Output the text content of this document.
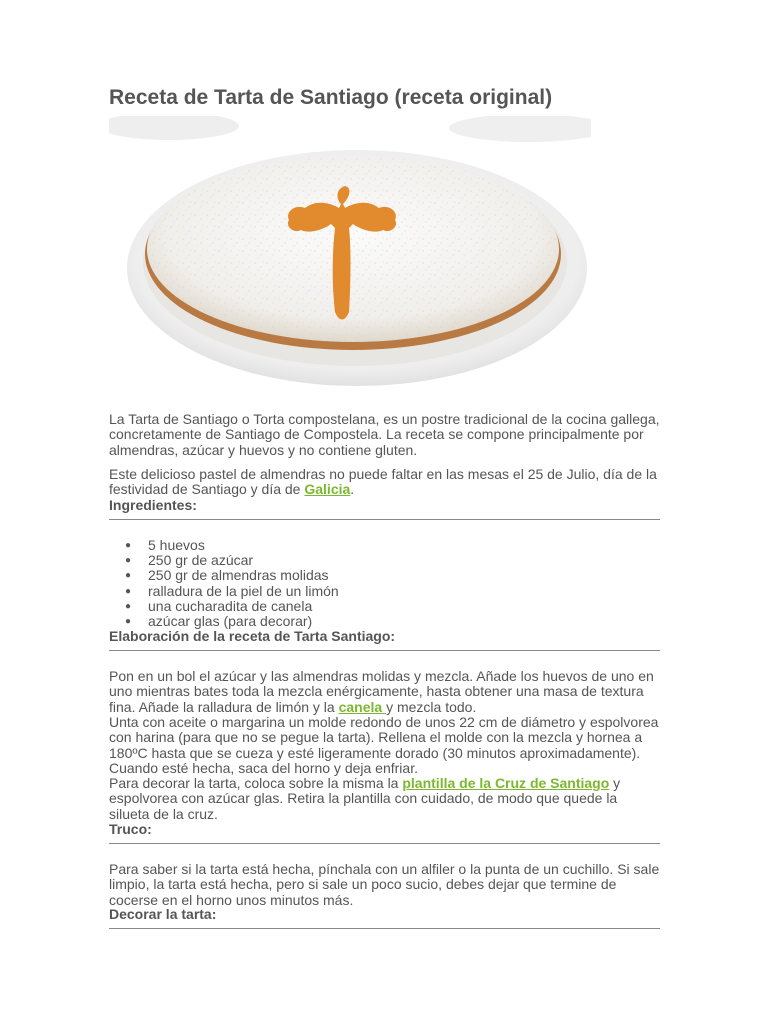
Receta de Tarta de Santiago (receta original)

La Tarta de Santiago o Torta compostelana, es un postre tradicional de la cocina gallega, concretamente de Santiago de Compostela. La receta se compone principalmente por almendras, azúcar y huevos y no contiene gluten.

Este delicioso pastel de almendras no puede faltar en las mesas el 25 de Julio, día de la festividad de Santiago y día de Galicia.

Ingredientes:
● 5 huevos
● 250 gr de azúcar
● 250 gr de almendras molidas
● ralladura de la piel de un limón
● una cucharadita de canela
● azúcar glas (para decorar)
Elaboración de la receta de Tarta Santiago:

Pon en un bol el azúcar y las almendras molidas y mezcla. Añade los huevos de uno en uno mientras bates toda la mezcla enérgicamente, hasta obtener una masa de textura fina. Añade la ralladura de limón y la canela y mezcla todo.

Unta con aceite o margarina un molde redondo de unos 22 cm de diámetro y espolvorea con harina (para que no se pegue la tarta). Rellena el molde con la mezcla y hornea a 180ºC hasta que se cueza y esté ligeramente dorado (30 minutos aproximadamente). Cuando esté hecha, saca del horno y deja enfriar.

Para decorar la tarta, coloca sobre la misma la plantilla de la Cruz de Santiago y espolvorea con azúcar glas. Retira la plantilla con cuidado, de modo que quede la silueta de la cruz.

Truco:

Para saber si la tarta está hecha, pínchala con un alfiler o la punta de un cuchillo. Si sale limpio, la tarta está hecha, pero si sale un poco sucio, debes dejar que termine de cocerse en el horno unos minutos más.

Decorar la tarta:
